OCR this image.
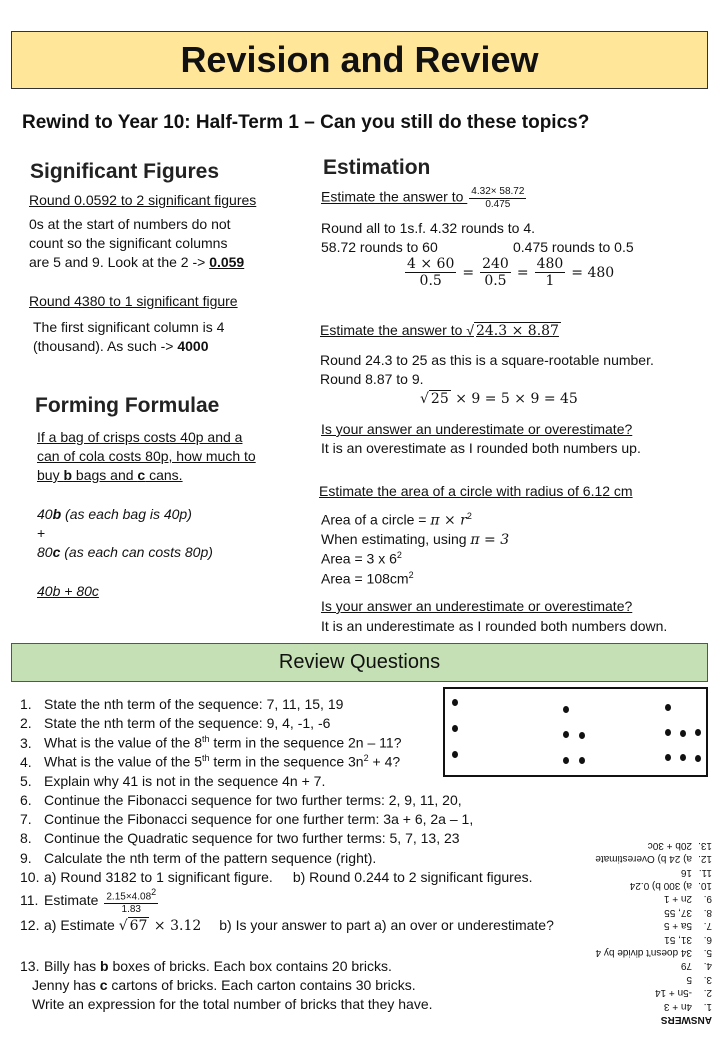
Revision and Review
Rewind to Year 10: Half-Term 1 – Can you still do these topics?
Significant Figures
Round 0.0592 to 2 significant figures
0s at the start of numbers do not
count so the significant columns
are 5 and 9. Look at the 2 -> 0.059
Round 4380 to 1 significant figure
The first significant column is 4
(thousand). As such -> 4000
Forming Formulae
If a bag of crisps costs 40p and a
can of cola costs 80p, how much to
buy b bags and c cans.
40b (as each bag is 40p)
+
80c (as each can costs 80p)
40b + 80c
Estimation
Estimate the answer to $\frac{4.32\times 58.72}{0.475}$
Round all to 1s.f. 4.32 rounds to 4.
58.72 rounds to 60	0.475 rounds to 0.5
$\frac{4 \times 60}{0.5} = \frac{240}{0.5} = \frac{480}{1} = 480$
Estimate the answer to √ 24.3 × 8.87
Round 24.3 to 25 as this is a square-rootable number.
Round 8.87 to 9.
√ 25 × 9 = 5 × 9 = 45
Is your answer an underestimate or overestimate?
It is an overestimate as I rounded both numbers up.
Estimate the area of a circle with radius of 6.12 cm
Area of a circle = $\pi \times r^2$
When estimating, using π = 3
Area = 3 x $6^2$
Area = $108cm^2$
Is your answer an underestimate or overestimate?
It is an underestimate as I rounded both numbers down.
Review Questions
1. State the nth term of the sequence: 7, 11, 15, 19
2. State the nth term of the sequence: 9, 4, -1, -6
3. What is the value of the 8th term in the sequence 2n – 11?
4. What is the value of the 5th term in the sequence $3n^2 + 4$?
5. Explain why 41 is not in the sequence 4n + 7.
6. Continue the Fibonacci sequence for two further terms: 2, 9, 11, 20,
7. Continue the Fibonacci sequence for one further term: 3a + 6, 2a – 1,
8. Continue the Quadratic sequence for two further terms: 5, 7, 13, 23
9. Calculate the nth term of the pattern sequence (right).
10. a) Round 3182 to 1 significant figure. b) Round 0.244 to 2 significant figures.
11. Estimate $\frac{2.15\times 4.08^2}{1.83}$
12. a) Estimate √ 67 × 3.12 b) Is your answer to part a) an over or underestimate?
13. Billy has b boxes of bricks. Each box contains 20 bricks.
Jenny has c cartons of bricks. Each carton contains 30 bricks.
Write an expression for the total number of bricks that they have.
ANSWERS
1.4n + 3
2.-5n + 14
3.5
4.79
5.34 doesn't divide by 4
6.31, 51
7.5a + 5
8.37, 55
9.2n + 1
10.a) 300 b) 0.24
11.16
12.a) 24 b) Overestimate
13.20b + 30c
